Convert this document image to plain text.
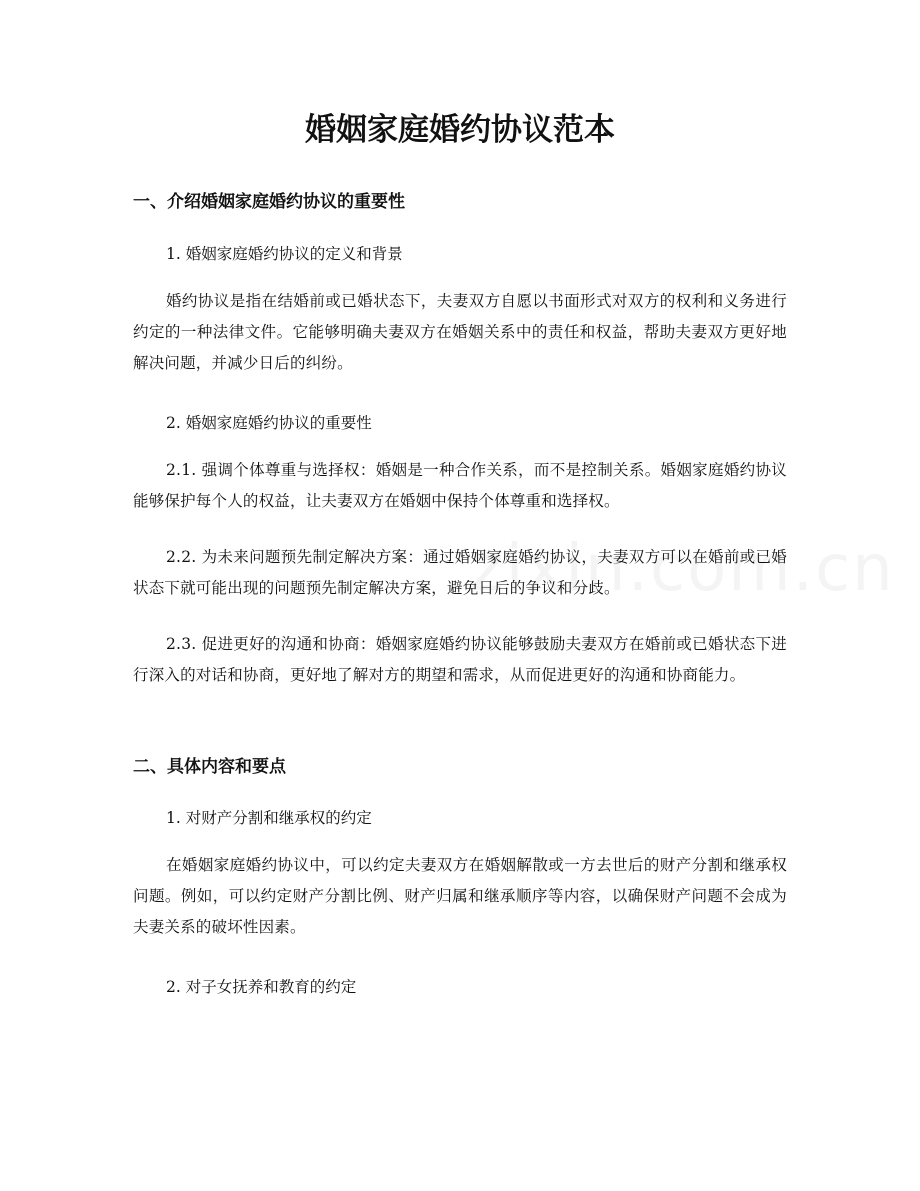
婚姻家庭婚约协议范本
一、介绍婚姻家庭婚约协议的重要性

1. 婚姻家庭婚约协议的定义和背景

婚约协议是指在结婚前或已婚状态下，夫妻双方自愿以书面形式对双方的权利和义务进行约定的一种法律文件。它能够明确夫妻双方在婚姻关系中的责任和权益，帮助夫妻双方更好地解决问题，并减少日后的纠纷。

2. 婚姻家庭婚约协议的重要性

2.1. 强调个体尊重与选择权：婚姻是一种合作关系，而不是控制关系。婚姻家庭婚约协议能够保护每个人的权益，让夫妻双方在婚姻中保持个体尊重和选择权。

2.2. 为未来问题预先制定解决方案：通过婚姻家庭婚约协议，夫妻双方可以在婚前或已婚状态下就可能出现的问题预先制定解决方案，避免日后的争议和分歧。

2.3. 促进更好的沟通和协商：婚姻家庭婚约协议能够鼓励夫妻双方在婚前或已婚状态下进行深入的对话和协商，更好地了解对方的期望和需求，从而促进更好的沟通和协商能力。

二、具体内容和要点

1. 对财产分割和继承权的约定

在婚姻家庭婚约协议中，可以约定夫妻双方在婚姻解散或一方去世后的财产分割和继承权问题。例如，可以约定财产分割比例、财产归属和继承顺序等内容，以确保财产问题不会成为夫妻关系的破坏性因素。

2. 对子女抚养和教育的约定
